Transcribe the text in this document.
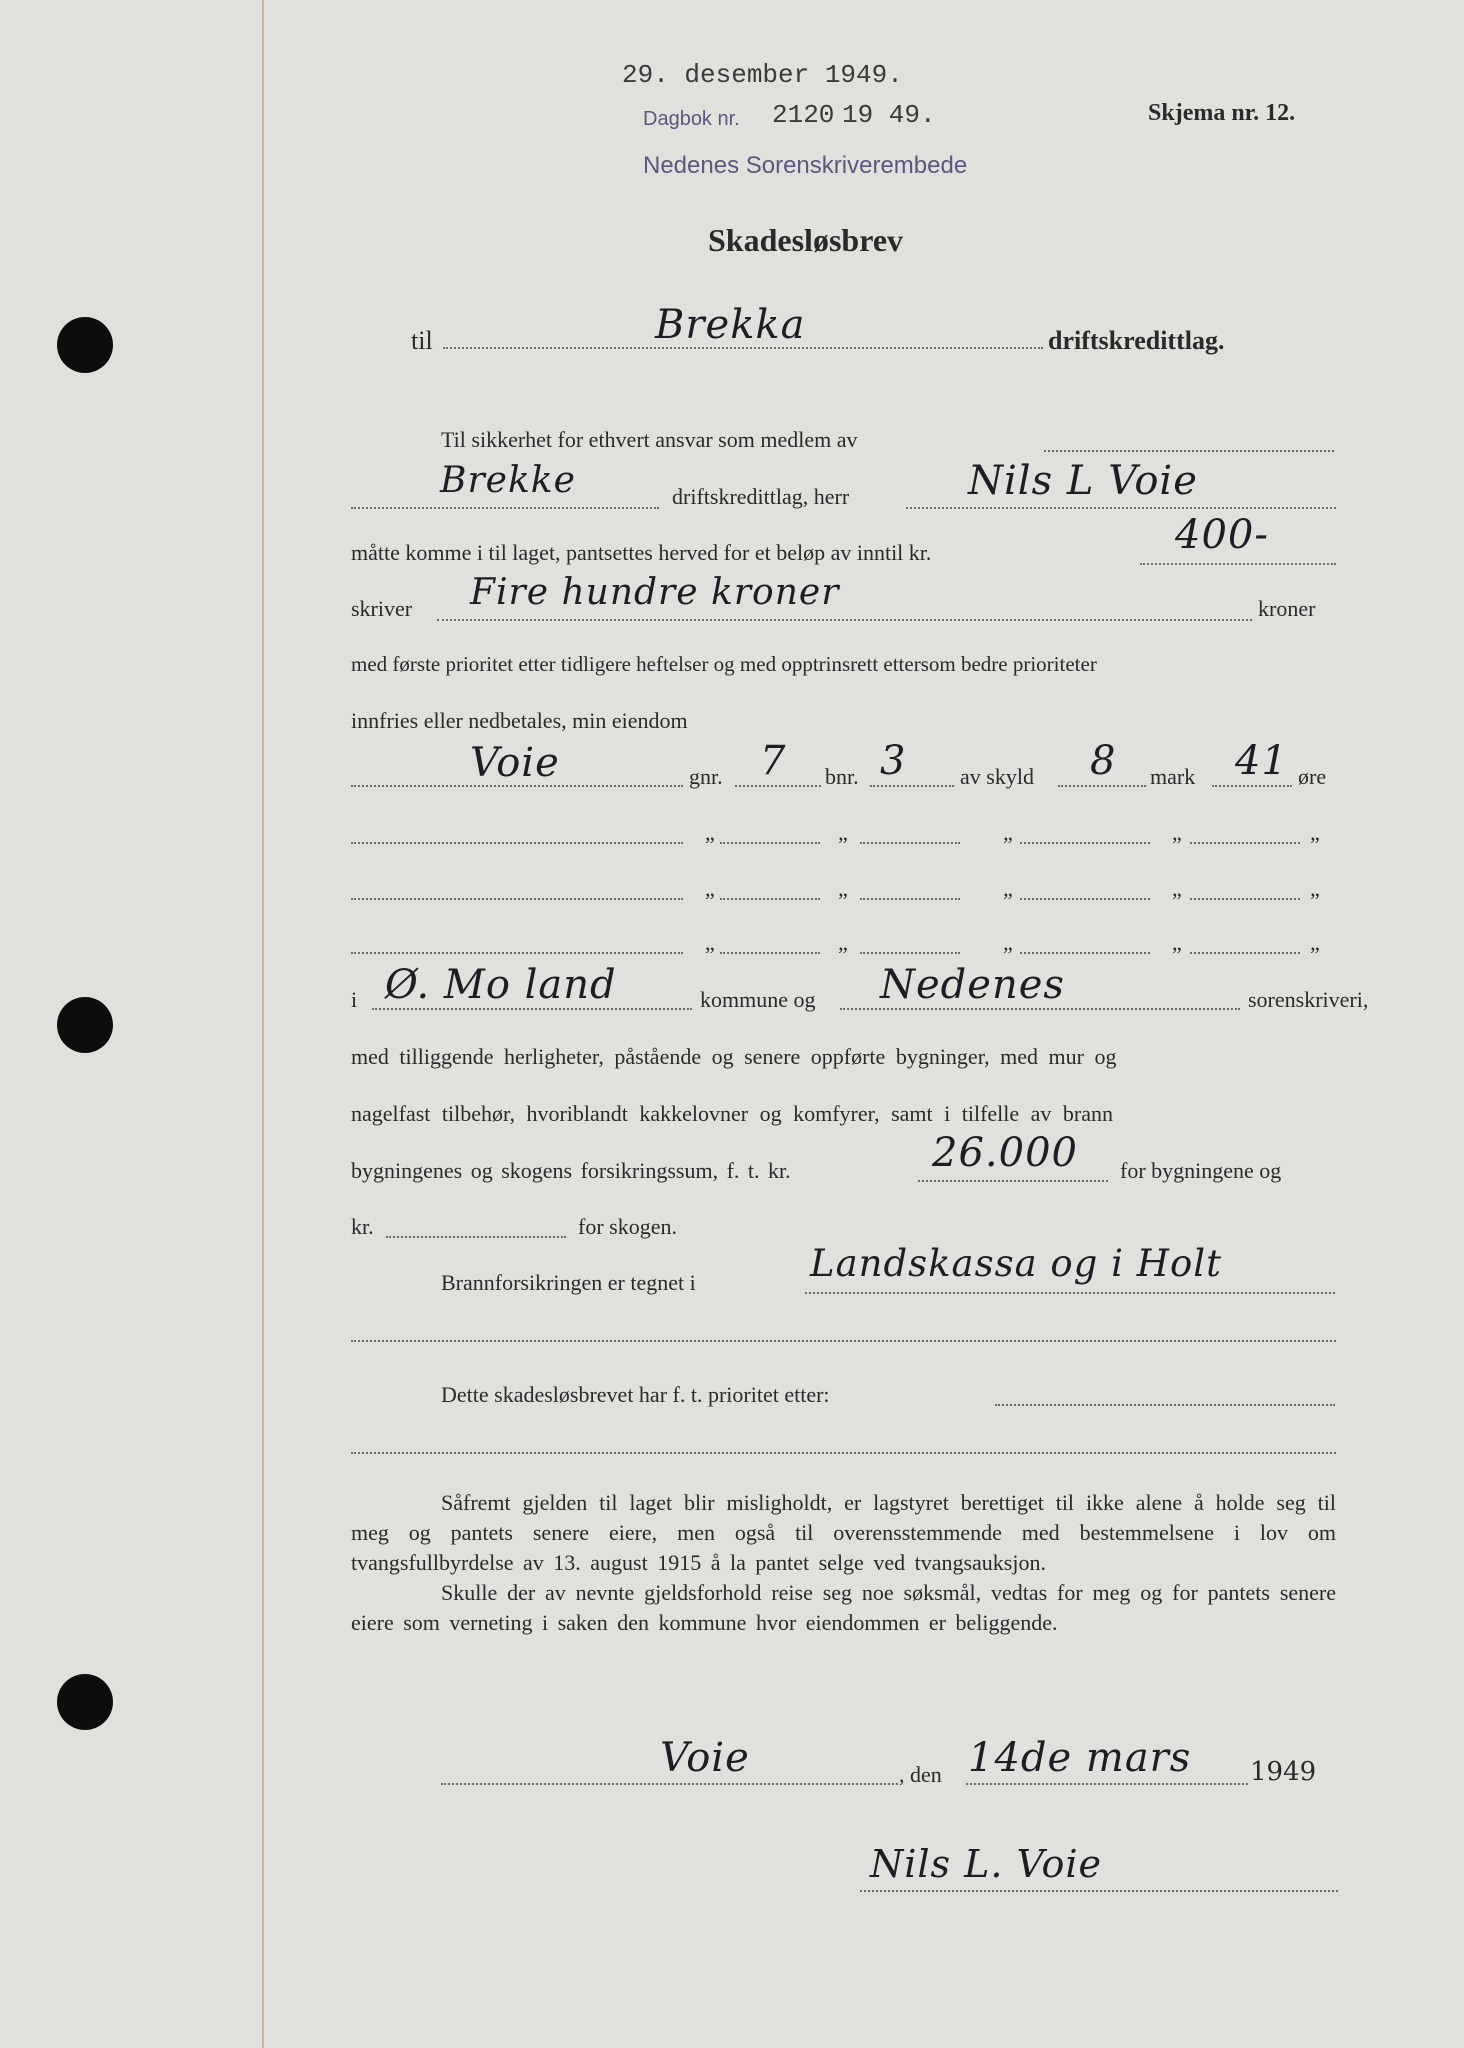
29. desember 1949.
Dagbok nr. 2120 19 49.
Nedenes Sorenskriverembede
Skjema nr. 12.
Skadesløsbrev
til	Brekka	driftskredittlag.
Til sikkerhet for ethvert ansvar som medlem av
Brekke	driftskredittlag, herr	Nils L Voie
måtte komme i til laget, pantsettes herved for et beløp av inntil kr.	400-
skriver Fire hundre kroner	kroner
med første prioritet etter tidligere heftelser og med opptrinsrett ettersom bedre prioriteter
innfries eller nedbetales, min eiendom
Voie	gnr. 7 bnr. 3 av skyld 8 mark 41 øre
„	„	„	„	„
„	„	„	„	„
„	„	„	„	„
i Ø. Mo land	kommune og Nedenes	sorenskriveri,
med tilliggende herligheter, påstående og senere oppførte bygninger, med mur og
nagelfast tilbehør, hvoriblandt kakkelovner og komfyrer, samt i tilfelle av brann
bygningenes og skogens forsikringssum, f. t. kr.	26.000 for bygningene og
kr.	for skogen.
Brannforsikringen er tegnet i	Landskassa og i Holt
Dette skadesløsbrevet har f. t. prioritet etter:

Såfremt gjelden til laget blir misligholdt, er lagstyret berettiget til ikke alene å holde seg til meg og pantets senere eiere, men også til overensstemmende med bestemmelsene i lov om tvangsfullbyrdelse av 13. august 1915 å la pantet selge ved tvangsauksjon.

Skulle der av nevnte gjeldsforhold reise seg noe søksmål, vedtas for meg og for pantets senere eiere som verneting i saken den kommune hvor eiendommen er beliggende.

Voie	, den 14de mars 1949
Nils L. Voie
